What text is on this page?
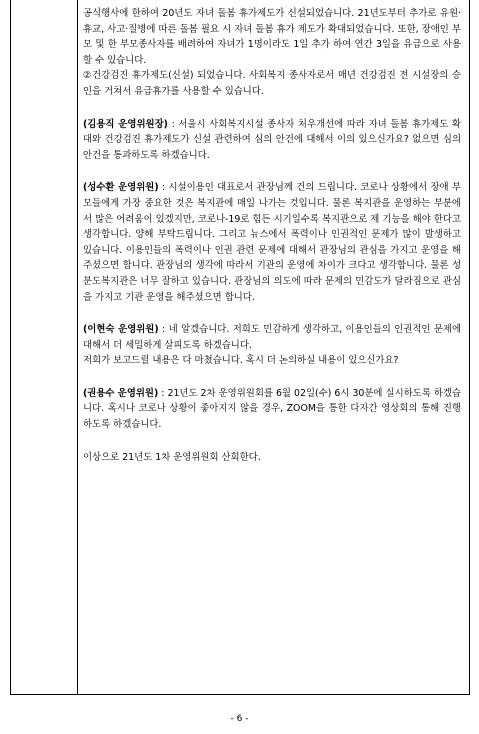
공식행사에 한하여 20년도 자녀 돌봄 휴가제도가 신설되었습니다. 21년도부터 추가로 유원·휴교, 사고·질병에 따른 돌봄 필요 시 자녀 돌봄 휴가 제도가 확대되었습니다. 또한, 장애인 부모 및 한 부모종사자를 배려하여 자녀가 1명이라도 1일 추가 하여 연간 3일을 유급으로 사용할 수 있습니다.

②건강검진 휴가제도(신설) 되었습니다. 사회복지 종사자로서 매년 건강검진 전 시설장의 승인을 거쳐서 유급휴가를 사용할 수 있습니다.

(김용직 운영위원장) : 서울시 사회복지시설 종사자 처우개선에 따라 자녀 돌봄 휴가제도 확대와 건강검진 휴가제도가 신설 관련하여 심의 안건에 대해서 이의 있으신가요? 없으면 심의 안건을 통과하도록 하겠습니다.

(성수환 운영위원) : 시설이용인 대표로서 관장님께 건의 드립니다. 코로나 상황에서 장애 부모들에게 가장 중요한 것은 복지관에 매일 나가는 것입니다. 물론 복지관을 운영하는 부분에서 많은 어려움이 있겠지만, 코로나-19로 힘든 시기일수록 복지관으로 제 기능을 해야 한다고 생각합니다. 양해 부탁드립니다. 그리고 뉴스에서 폭력이나 인권적인 문제가 많이 발생하고 있습니다. 이용인들의 폭력이나 인권 관련 문제에 대해서 관장님의 관심을 가지고 운영을 해주셨으면 합니다. 관장님의 생각에 따라서 기관의 운영에 차이가 크다고 생각합니다. 물론 성분도복지관은 너무 잘하고 있습니다. 관장님의 의도에 따라 문제의 민감도가 달라짐으로 관심을 가지고 기관 운영을 해주셨으면 합니다.

(이현숙 운영위원) : 네 알겠습니다. 저희도 민감하게 생각하고, 이용인들의 인권적인 문제에 대해서 더 세밀하게 살피도록 하겠습니다.

저희가 보고드릴 내용은 다 마쳤습니다. 혹시 더 논의하실 내용이 있으신가요?

(권용수 운영위원) : 21년도 2차 운영위원회를 6월 02일(수) 6시 30분에 실시하도록 하겠습니다. 혹시나 코로나 상황이 좋아지지 않을 경우, ZOOM을 통한 다자간 영상회의 통해 진행하도록 하겠습니다.

이상으로 21년도 1차 운영위원회 산회한다.

- 6 -
